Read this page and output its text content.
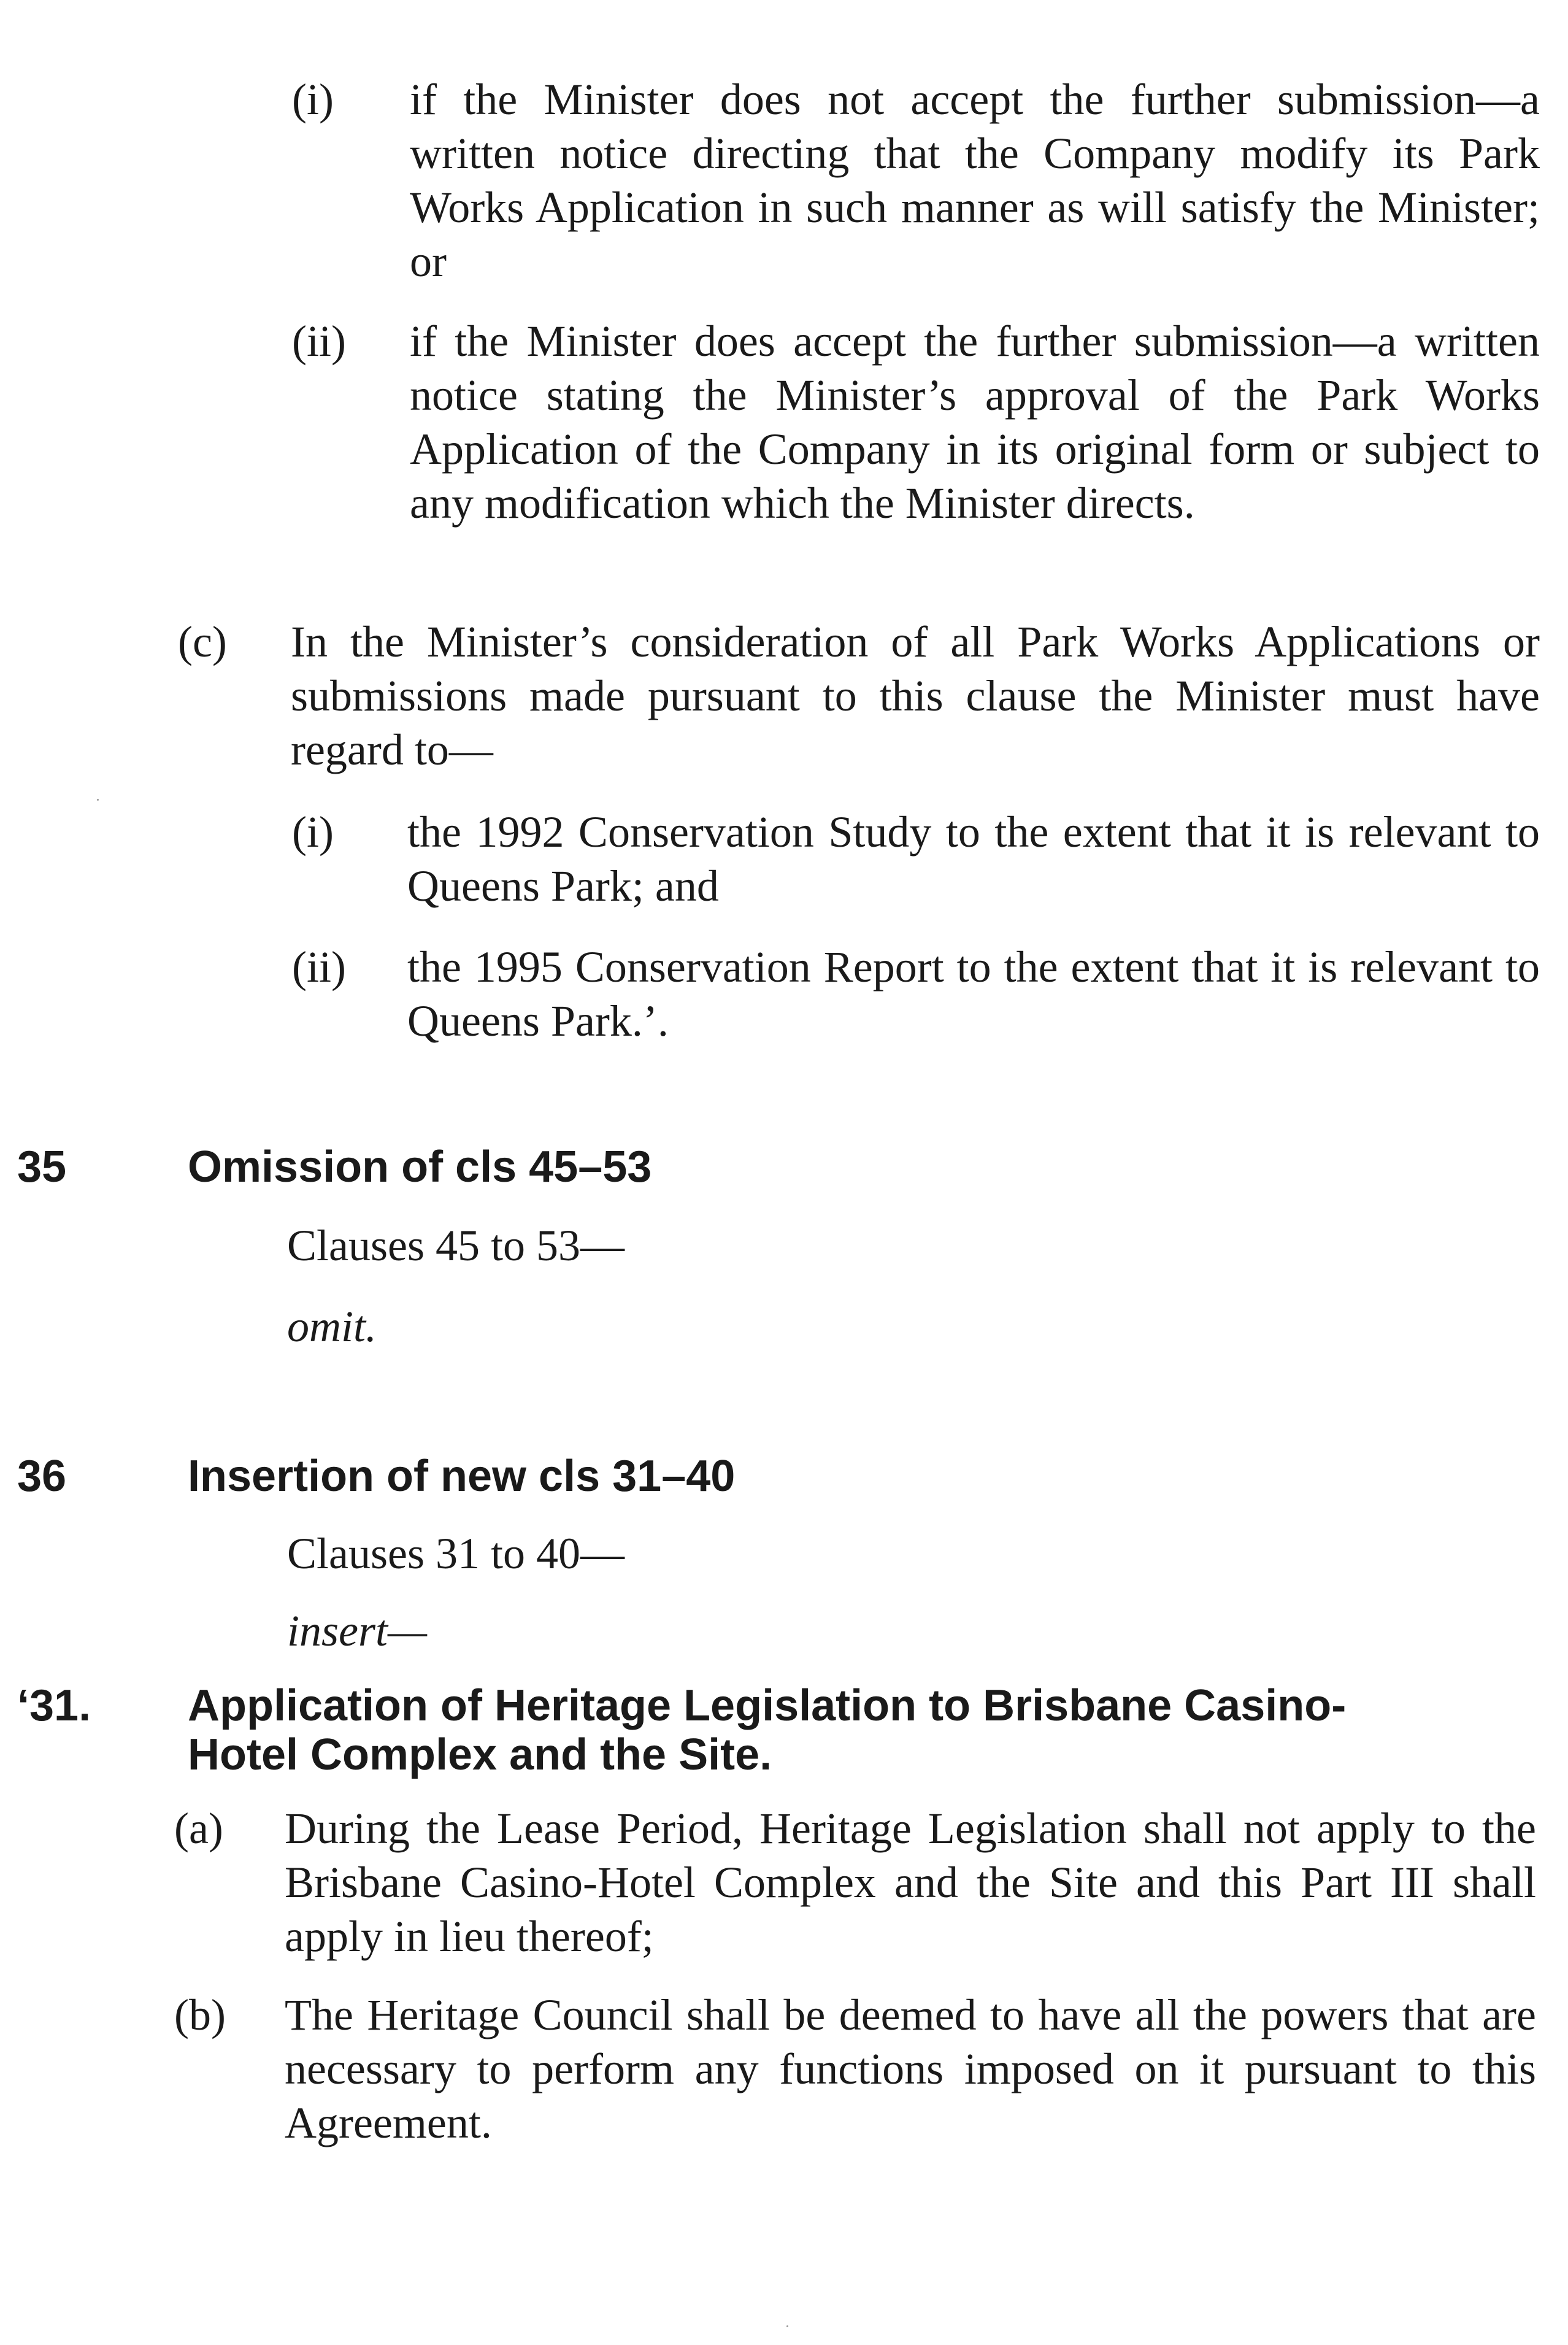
(i) if the Minister does not accept the further submission—a written notice directing that the Company modify its Park Works Application in such manner as will satisfy the Minister; or

(ii) if the Minister does accept the further submission—a written notice stating the Minister’s approval of the Park Works Application of the Company in its original form or subject to any modification which the Minister directs.

(c) In the Minister’s consideration of all Park Works Applications or submissions made pursuant to this clause the Minister must have regard to—

(i) the 1992 Conservation Study to the extent that it is relevant to Queens Park; and

(ii) the 1995 Conservation Report to the extent that it is relevant to Queens Park.’.

35	Omission of cls 45–53
Clauses 45 to 53—
omit.
36	Insertion of new cls 31–40
Clauses 31 to 40—
insert—
‘31. Application of Heritage Legislation to Brisbane Casino-Hotel Complex and the Site.
(a) During the Lease Period, Heritage Legislation shall not apply to the Brisbane Casino-Hotel Complex and the Site and this Part III shall apply in lieu thereof;

(b) The Heritage Council shall be deemed to have all the powers that are necessary to perform any functions imposed on it pursuant to this Agreement.
